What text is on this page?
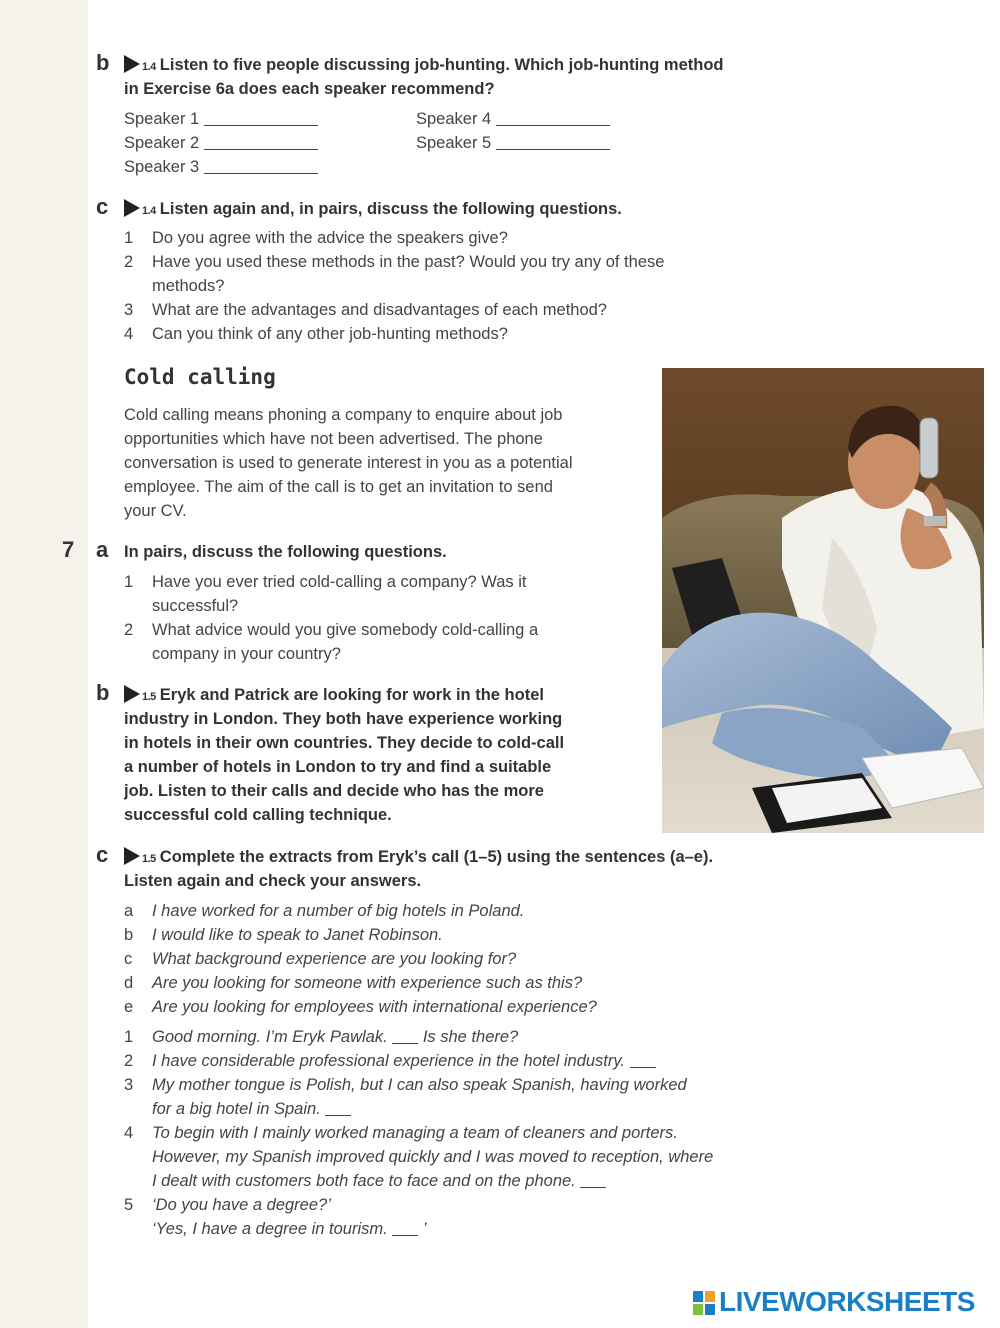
b	1.4 Listen to five people discussing job-hunting. Which job-hunting method
in Exercise 6a does each speaker recommend?
Speaker 1
Speaker 2
Speaker 3
Speaker 4
Speaker 5
c	1.4 Listen again and, in pairs, discuss the following questions.
1	Do you agree with the advice the speakers give?
2	Have you used these methods in the past? Would you try any of these
methods?
3	What are the advantages and disadvantages of each method?
4	Can you think of any other job-hunting methods?
Cold calling
Cold calling means phoning a company to enquire about job
opportunities which have not been advertised. The phone
conversation is used to generate interest in you as a potential
employee. The aim of the call is to get an invitation to send
your CV.
7 a In pairs, discuss the following questions.
1	Have you ever tried cold-calling a company? Was it
successful?
2	What advice would you give somebody cold-calling a
company in your country?
b	1.5 Eryk and Patrick are looking for work in the hotel
industry in London. They both have experience working
in hotels in their own countries. They decide to cold-call
a number of hotels in London to try and find a suitable
job. Listen to their calls and decide who has the more
successful cold calling technique.
c	1.5 Complete the extracts from Eryk’s call (1–5) using the sentences (a–e).
Listen again and check your answers.
a	I have worked for a number of big hotels in Poland.
b	I would like to speak to Janet Robinson.
c	What background experience are you looking for?
d	Are you looking for someone with experience such as this?
e	Are you looking for employees with international experience?
1	Good morning. I’m Eryk Pawlak.  Is she there?
2	I have considerable professional experience in the hotel industry.
3	My mother tongue is Polish, but I can also speak Spanish, having worked
for a big hotel in Spain.
4	To begin with I mainly worked managing a team of cleaners and porters.
However, my Spanish improved quickly and I was moved to reception, where
I dealt with customers both face to face and on the phone.
5	‘Do you have a degree?’
‘Yes, I have a degree in tourism.  ’
LIVEWORKSHEETS
